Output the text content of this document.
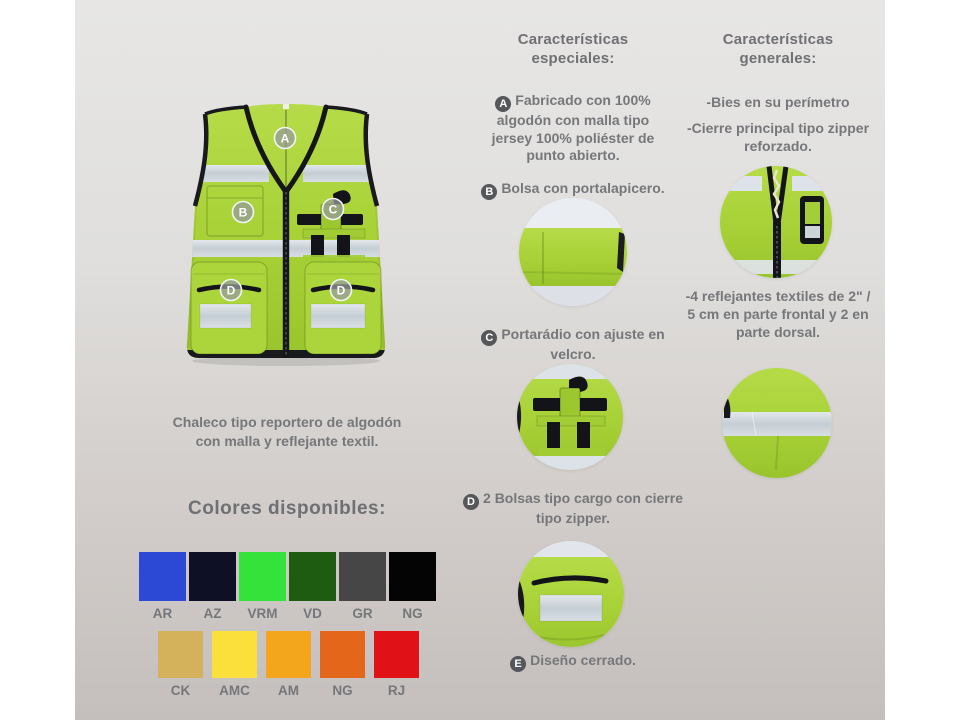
A
B	C
D	D
Chaleco tipo reportero de algodón con malla y reflejante textil.
Colores disponibles:
AR AZ VRM VD GR NG
CK AMC AM NG	RJ
Características especiales:

A Fabricado con 100% algodón con malla tipo jersey 100% poliéster de punto abierto.

B Bolsa con portalapicero.

C Portarádio con ajuste en velcro.

D 2 Bolsas tipo cargo con cierre tipo zipper.

E Diseño cerrado.

Características generales:

-Bies en su perímetro

-Cierre principal tipo zipper reforzado.

-4 reflejantes textiles de 2" / 5 cm en parte frontal y 2 en parte dorsal.
